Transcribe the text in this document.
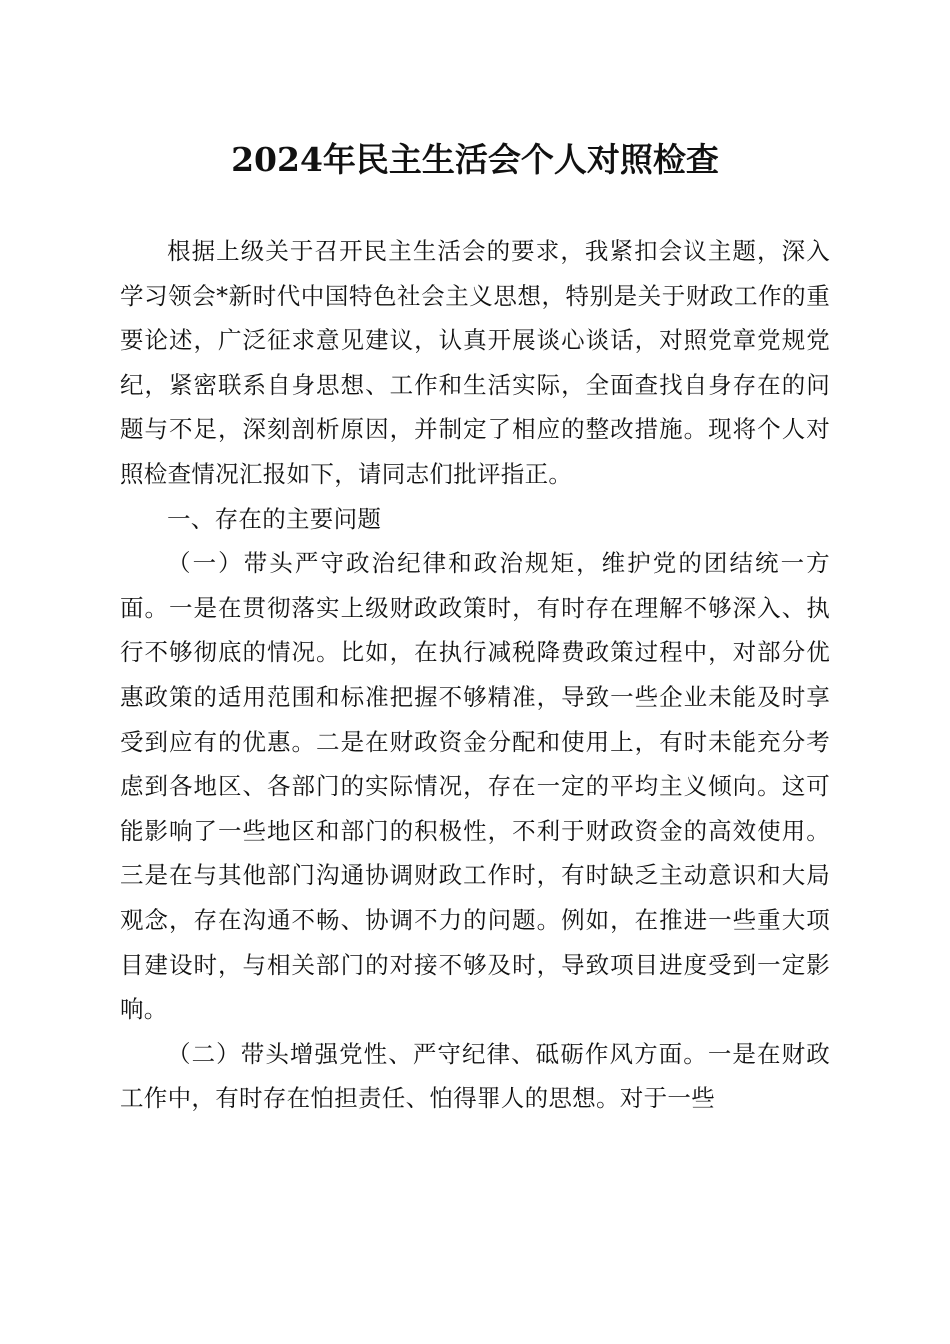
2024年民主生活会个人对照检查

根据上级关于召开民主生活会的要求，我紧扣会议主题，深入学习领会*新时代中国特色社会主义思想，特别是关于财政工作的重要论述，广泛征求意见建议，认真开展谈心谈话，对照党章党规党纪，紧密联系自身思想、工作和生活实际，全面查找自身存在的问题与不足，深刻剖析原因，并制定了相应的整改措施。现将个人对照检查情况汇报如下，请同志们批评指正。

一、存在的主要问题

（一）带头严守政治纪律和政治规矩，维护党的团结统一方面。一是在贯彻落实上级财政政策时，有时存在理解不够深入、执行不够彻底的情况。比如，在执行减税降费政策过程中，对部分优惠政策的适用范围和标准把握不够精准，导致一些企业未能及时享受到应有的优惠。二是在财政资金分配和使用上，有时未能充分考虑到各地区、各部门的实际情况，存在一定的平均主义倾向。这可能影响了一些地区和部门的积极性，不利于财政资金的高效使用。三是在与其他部门沟通协调财政工作时，有时缺乏主动意识和大局观念，存在沟通不畅、协调不力的问题。例如，在推进一些重大项目建设时，与相关部门的对接不够及时，导致项目进度受到一定影响。

（二）带头增强党性、严守纪律、砥砺作风方面。一是在财政工作中，有时存在怕担责任、怕得罪人的思想。对于一些
